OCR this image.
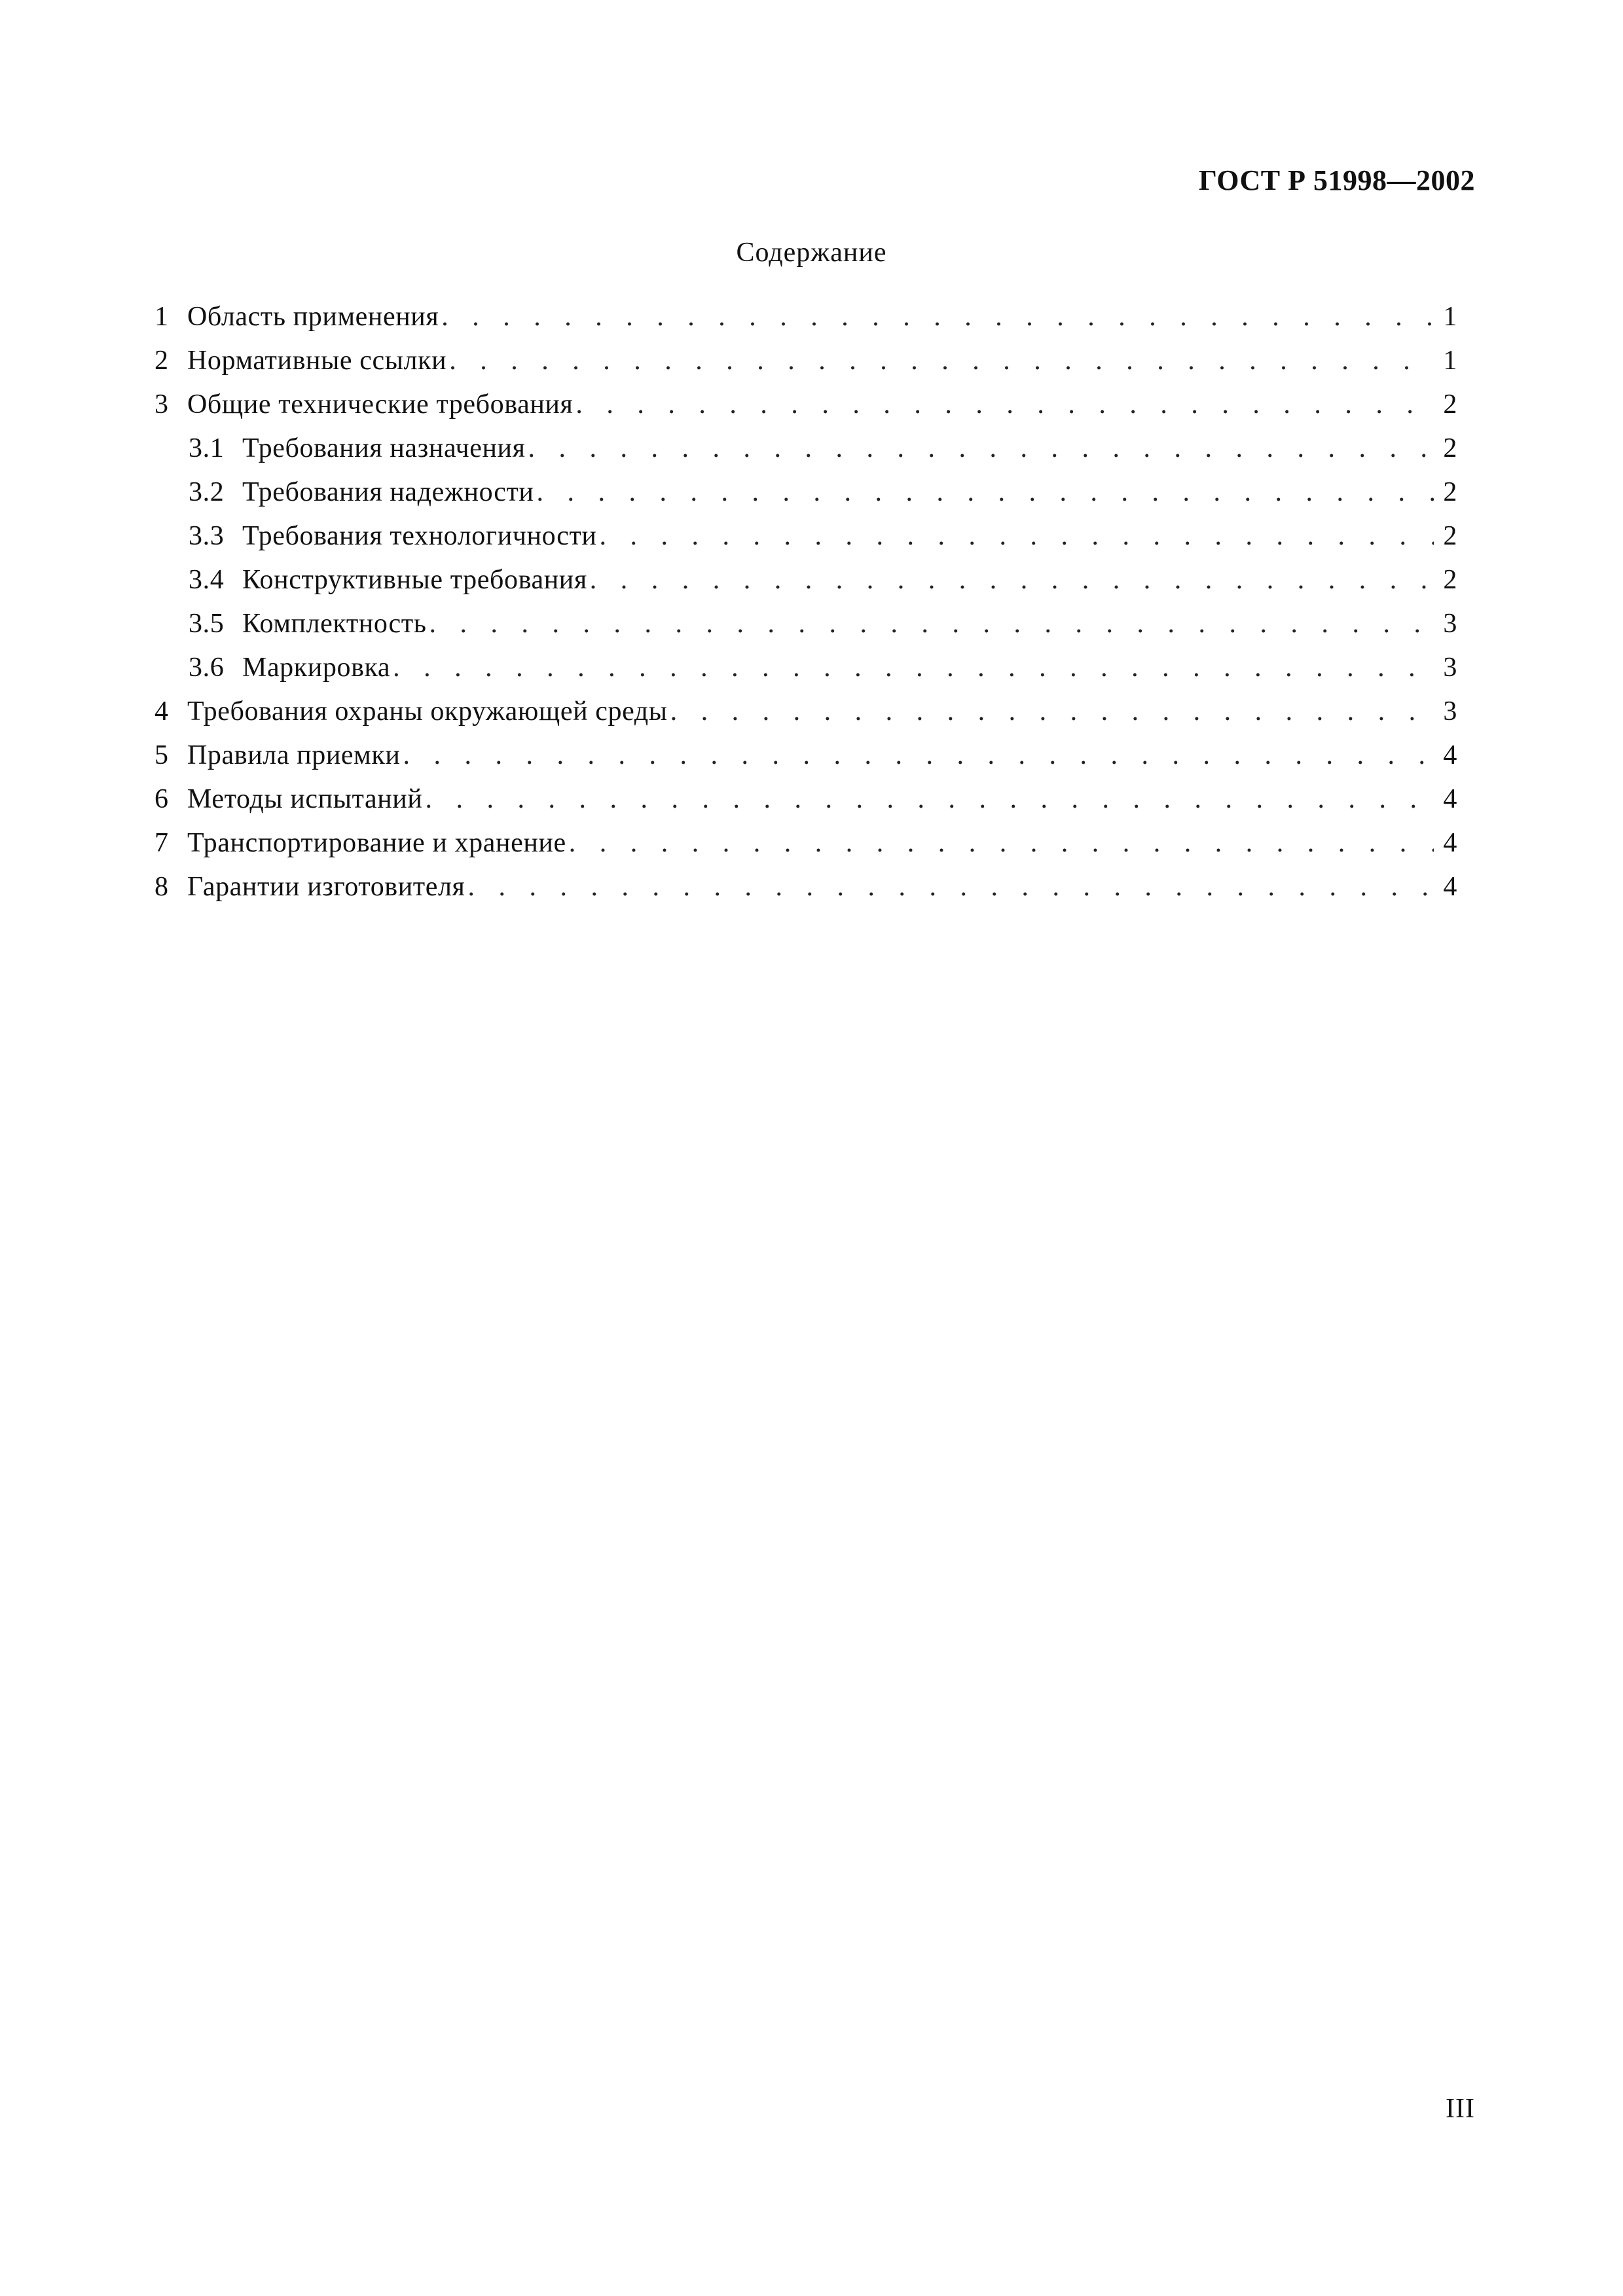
ГОСТ Р 51998—2002
Содержание
1 Область применения . . .	1
2 Нормативные ссылки . . .	1
3 Общие технические требования . . .	2
3.1 Требования назначения . . .	2
3.2 Требования надежности . . .	2
3.3 Требования технологичности . . .	2
3.4 Конструктивные требования . . .	2
3.5 Комплектность . . .	3
3.6 Маркировка . . .	3
4 Требования охраны окружающей среды . . .	3
5 Правила приемки . . .	4
6 Методы испытаний . . .	4
7 Транспортирование и хранение . . .	4
8 Гарантии изготовителя . . .	4
III
